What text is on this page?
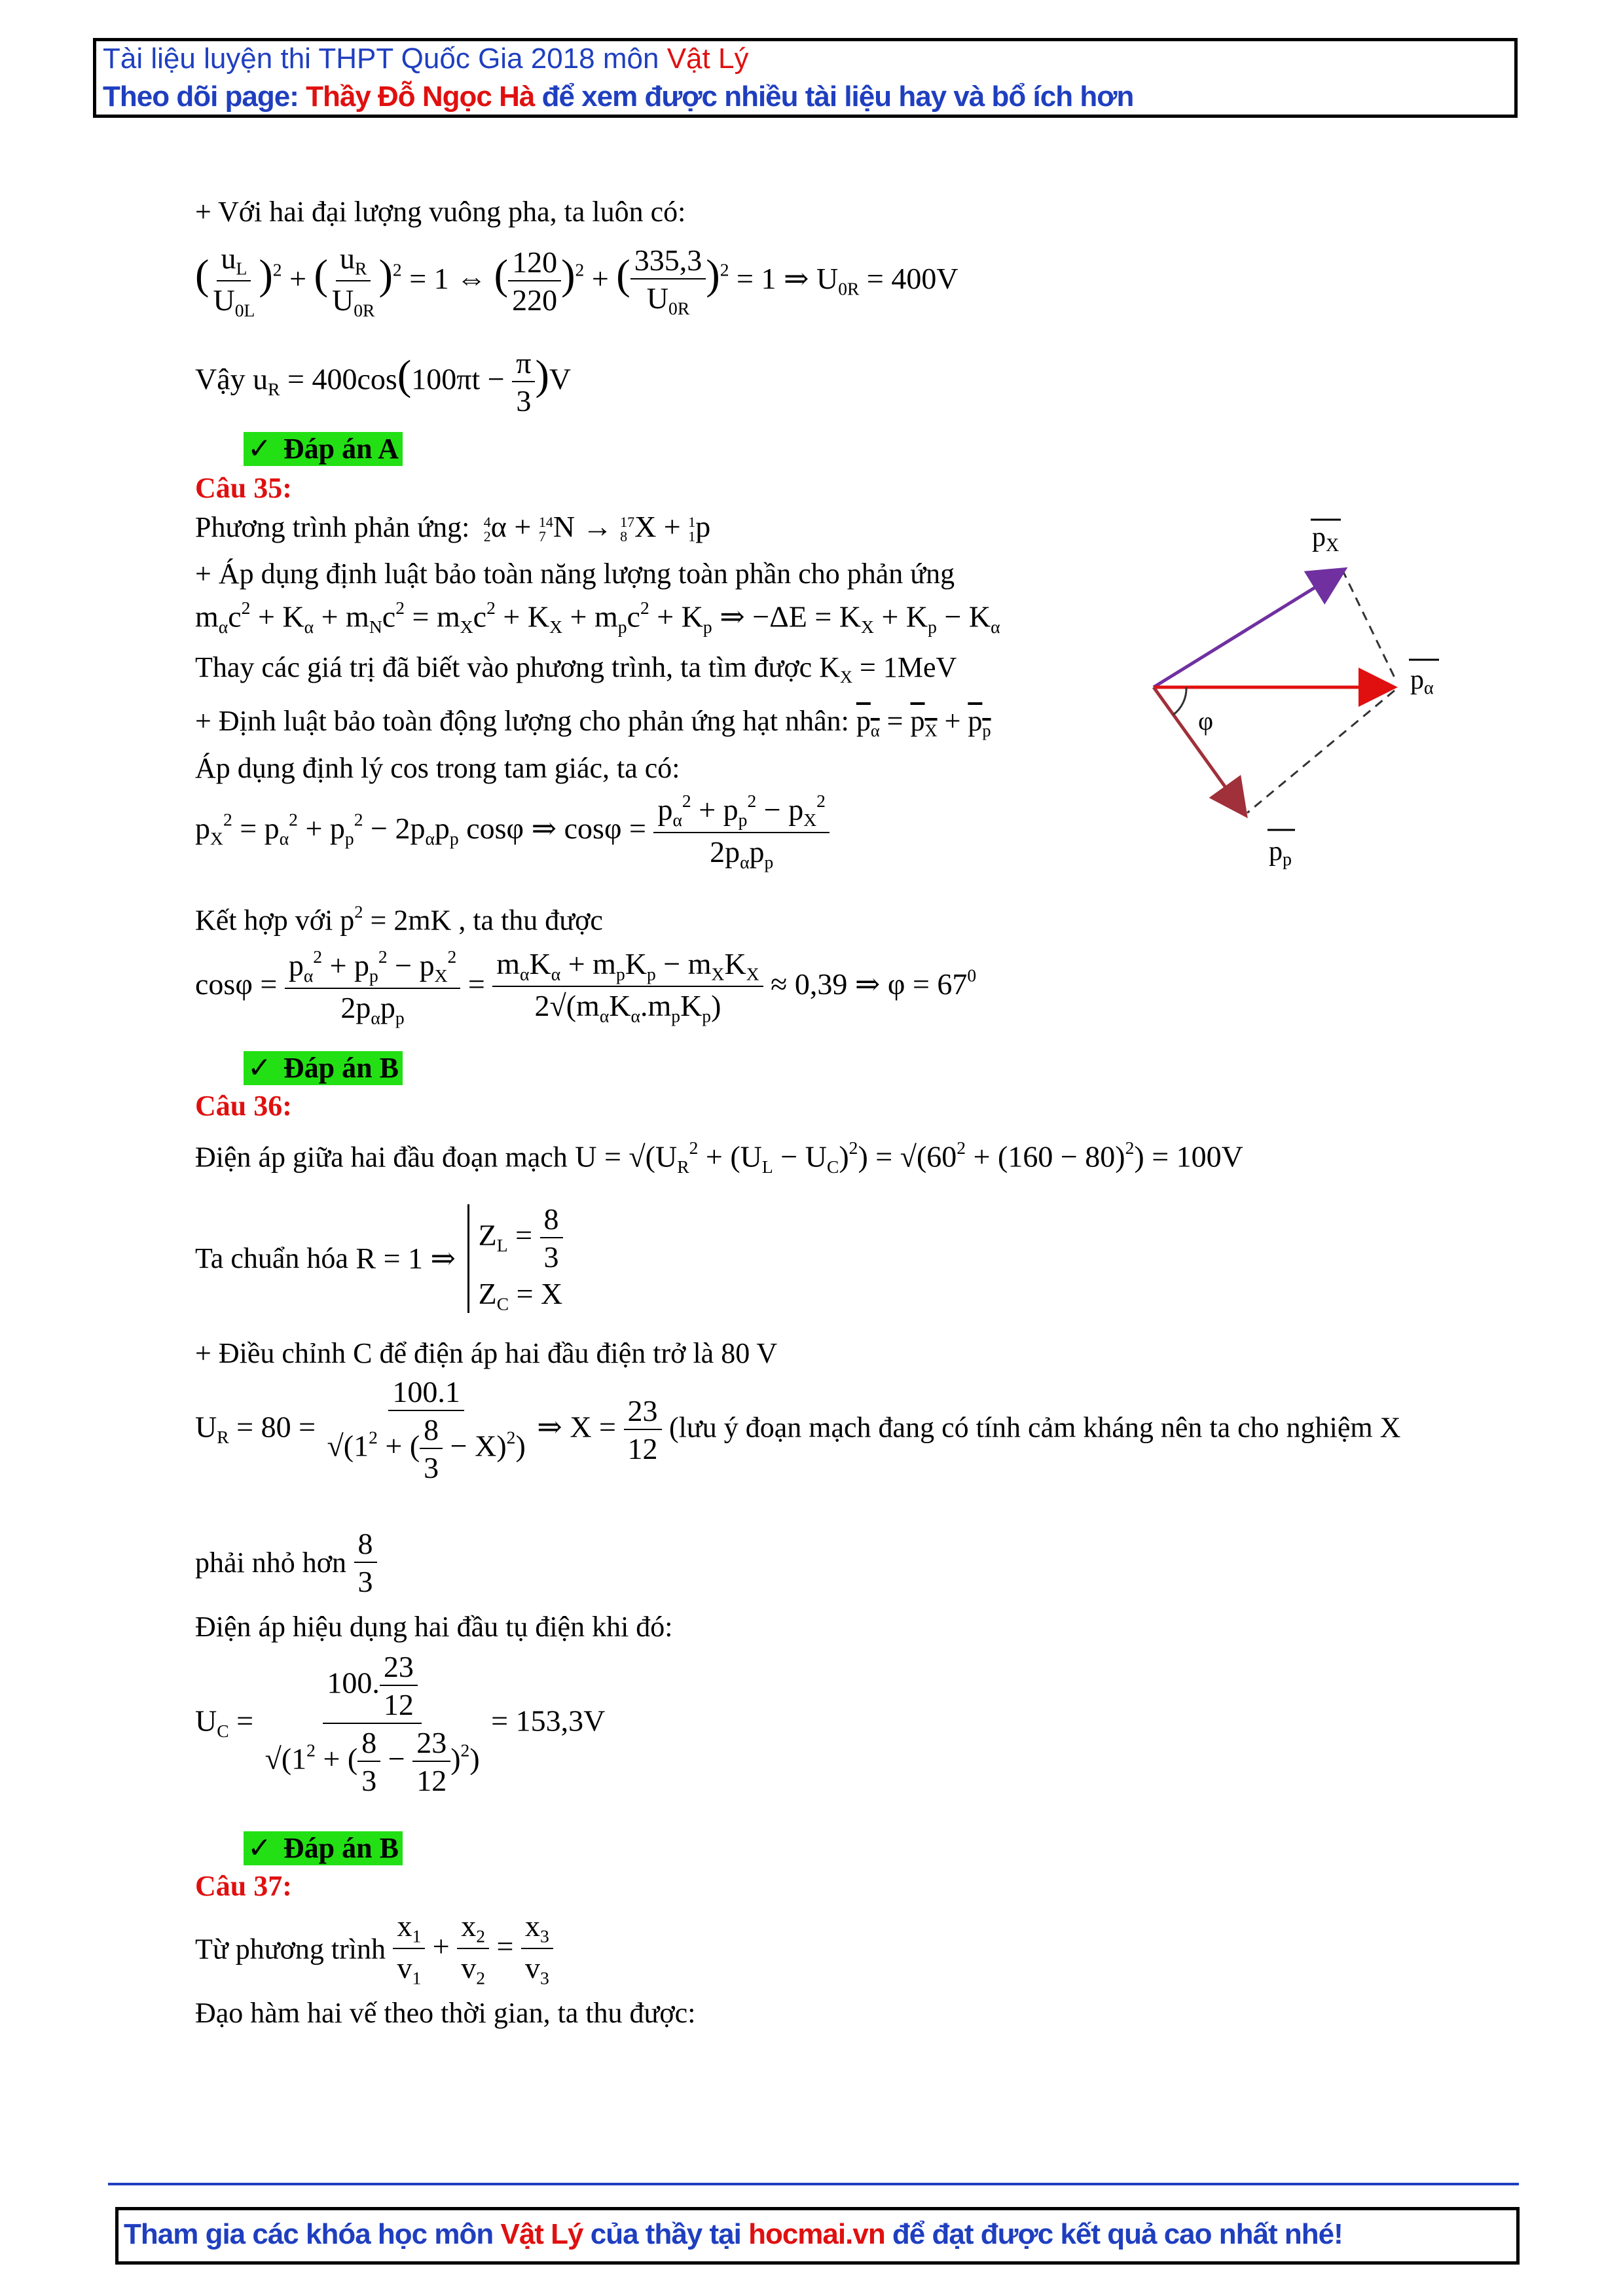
Tài liệu luyện thi THPT Quốc Gia 2018 môn Vật Lý
Theo dõi page: Thầy Đỗ Ngọc Hà để xem được nhiều tài liệu hay và bổ ích hơn
+ Với hai đại lượng vuông pha, ta luôn có:
( $\frac{u_L}{U_{0L}} )^2$ + ( $\frac{u_R}{U_{0R}} )^2 = 1$ ⇔ ( $\frac{120}{220} )^2$ + ( $\frac{335,3}{U_{0R}} )^2 = 1$ ⇒ $U_{0R} = 400V$
Vậy $u_R = 400\cos(100\pi t - \frac{\pi}{3} )V$
✓ Đáp án A
Câu 35:
Phương trình phản ứng: 4
2 α + 14
7 N → 17
8 X + 1
1 p
+ Áp dụng định luật bảo toàn năng lượng toàn phần cho phản ứng
$m_\alpha c^2 + K_\alpha + m_Nc^2 = m_Xc^2 + K_X + m_pc^2 + K_p$ ⇒ $-\Delta E = K_X + K_p - K_\alpha$
Thay các giá trị đã biết vào phương trình, ta tìm được $K_X = 1MeV$
+ Định luật bảo toàn động lượng cho phản ứng hạt nhân: $p_\alpha = p_X + p_p$
Áp dụng định lý cos trong tam giác, ta có:
$p_X^2 = p_\alpha^2 + p_p^2 - 2p_\alpha p_p$ cosφ ⇒ cosφ =
$p_\alpha^2 + p_p^2 - p_X^2$
$2p_\alpha p_p$
Kết hợp với $p^2 = 2mK$ , ta thu được
cosφ =
$p_\alpha^2 + p_p^2 - p_X^2$
$2p_\alpha p_p$
=
$m_\alpha K_\alpha + m_pK_p - m_XK_X$
$2√(m_\alpha K_\alpha.m_pK_p)$
≈ 0,39 ⇒ $\varphi = 67^0$
✓ Đáp án B
Câu 36:
Điện áp giữa hai đầu đoạn mạch $U = √(U_R^2 + (U_L - U_C)^2) = √(60^2 + (160 - 80)^2) = 100V$
Ta chuẩn hóa R = 1 ⇒
$Z_L = \frac{8}{3}$
$Z_C = X$
+ Điều chỉnh C để điện áp hai đầu điện trở là 80 V
$U_R = 80 = \frac{100.1}{√(1^2 + ( \frac{8}{3} - X)^2)}$ ⇒ $X = \frac{23}{12}$ (lưu ý đoạn mạch đang có tính cảm kháng nên ta cho nghiệm X
phải nhỏ hơn $\frac{8}{3}$
Điện áp hiệu dụng hai đầu tụ điện khi đó:
$U_C = \frac{100. \frac{23}{12}}{√(1^2 + ( \frac{8}{3} - \frac{23}{12} )^2)} = 153,3V$
✓ Đáp án B
Câu 37:
Từ phương trình $\frac{x_1}{v_1} + \frac{x_2}{v_2} = \frac{x_3}{v_3}$
Đạo hàm hai vế theo thời gian, ta thu được:
φ
pX
pα
pp
Tham gia các khóa học môn Vật Lý của thầy tại hocmai.vn để đạt được kết quả cao nhất nhé!
